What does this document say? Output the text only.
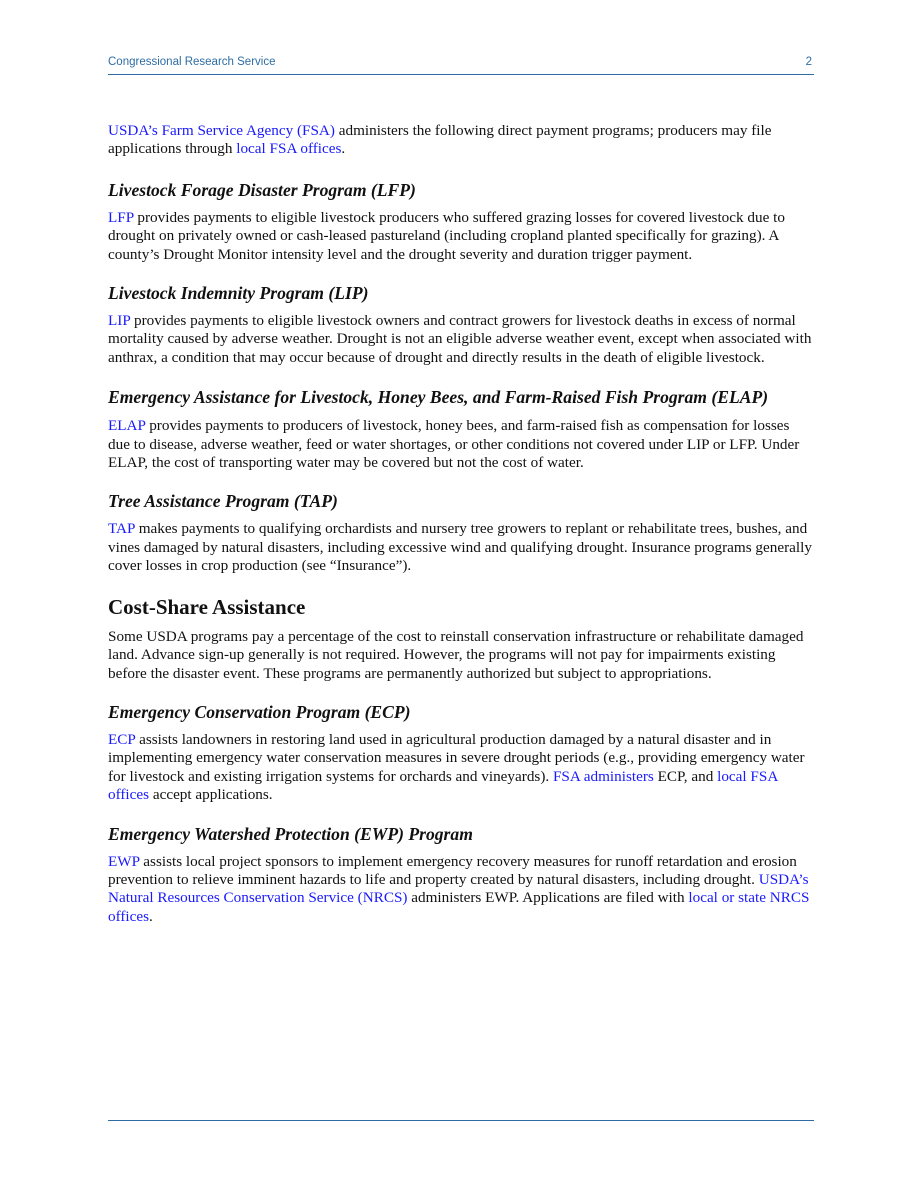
Congressional Research Service	2

USDA’s Farm Service Agency (FSA) administers the following direct payment programs; producers may file applications through local FSA offices.

Livestock Forage Disaster Program (LFP)

LFP provides payments to eligible livestock producers who suffered grazing losses for covered livestock due to drought on privately owned or cash-leased pastureland (including cropland planted specifically for grazing). A county’s Drought Monitor intensity level and the drought severity and duration trigger payment.

Livestock Indemnity Program (LIP)

LIP provides payments to eligible livestock owners and contract growers for livestock deaths in excess of normal mortality caused by adverse weather. Drought is not an eligible adverse weather event, except when associated with anthrax, a condition that may occur because of drought and directly results in the death of eligible livestock.

Emergency Assistance for Livestock, Honey Bees, and Farm-Raised Fish Program (ELAP)

ELAP provides payments to producers of livestock, honey bees, and farm-raised fish as compensation for losses due to disease, adverse weather, feed or water shortages, or other conditions not covered under LIP or LFP. Under ELAP, the cost of transporting water may be covered but not the cost of water.

Tree Assistance Program (TAP)

TAP makes payments to qualifying orchardists and nursery tree growers to replant or rehabilitate trees, bushes, and vines damaged by natural disasters, including excessive wind and qualifying drought. Insurance programs generally cover losses in crop production (see “Insurance”).

Cost-Share Assistance

Some USDA programs pay a percentage of the cost to reinstall conservation infrastructure or rehabilitate damaged land. Advance sign-up generally is not required. However, the programs will not pay for impairments existing before the disaster event. These programs are permanently authorized but subject to appropriations.

Emergency Conservation Program (ECP)

ECP assists landowners in restoring land used in agricultural production damaged by a natural disaster and in implementing emergency water conservation measures in severe drought periods (e.g., providing emergency water for livestock and existing irrigation systems for orchards and vineyards). FSA administers ECP, and local FSA offices accept applications.

Emergency Watershed Protection (EWP) Program

EWP assists local project sponsors to implement emergency recovery measures for runoff retardation and erosion prevention to relieve imminent hazards to life and property created by natural disasters, including drought. USDA’s Natural Resources Conservation Service (NRCS) administers EWP. Applications are filed with local or state NRCS offices.
